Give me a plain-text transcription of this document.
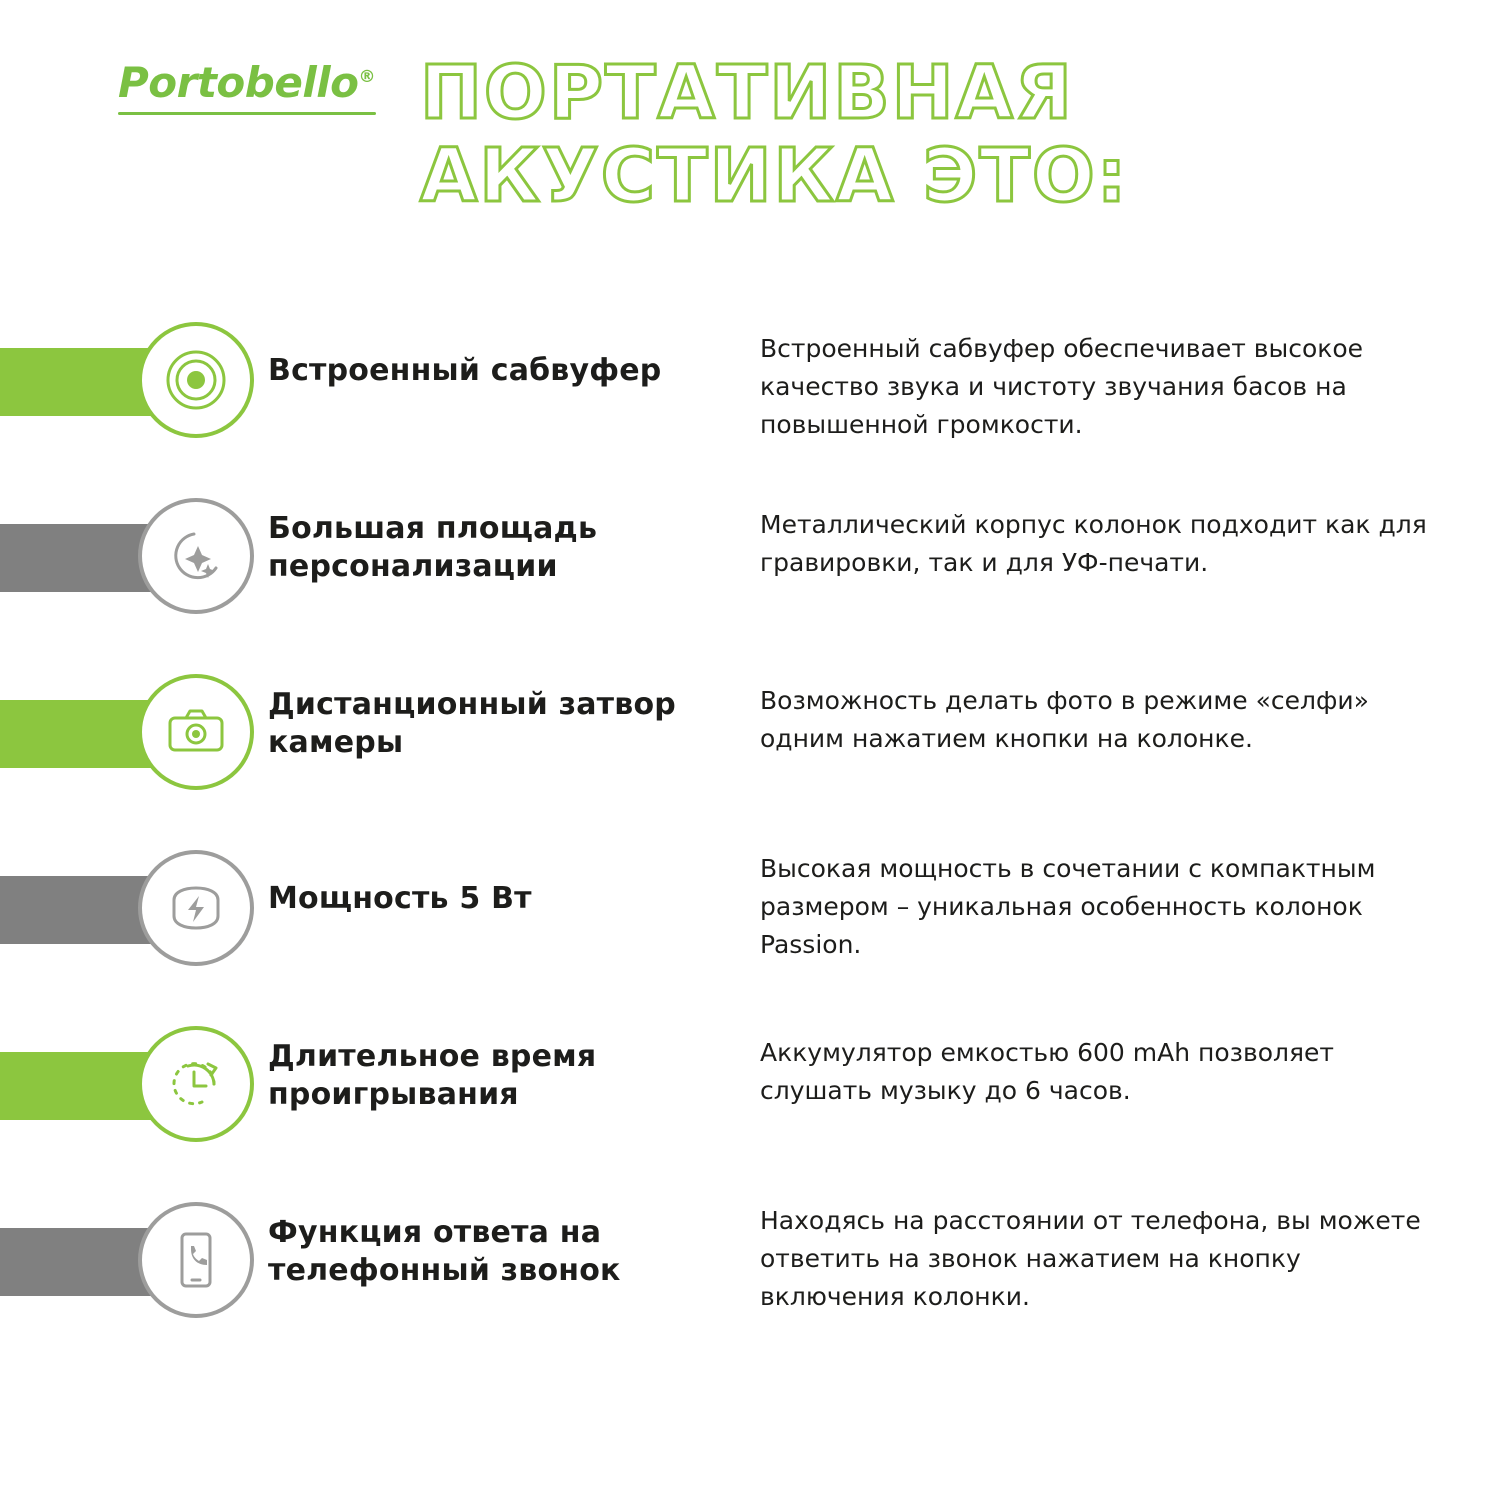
Portobello® ПОРТАТИВНАЯ
АКУСТИКА ЭТО:
Встроенный сабвуфер
Встроенный сабвуфер обеспечивает высокое качество звука и чистоту звучания басов на повышенной громкости.
Большая площадь персонализации
Металлический корпус колонок подходит как для гравировки, так и для УФ-печати.
Дистанционный затвор камеры
Возможность делать фото в режиме «селфи» одним нажатием кнопки на колонке.
Мощность 5 Вт
Высокая мощность в сочетании с компактным размером – уникальная особенность колонок Passion.
Длительное время проигрывания
Аккумулятор емкостью 600 mAh позволяет слушать музыку до 6 часов.
Функция ответа на телефонный звонок
Находясь на расстоянии от телефона, вы можете ответить на звонок нажатием на кнопку включения колонки.
